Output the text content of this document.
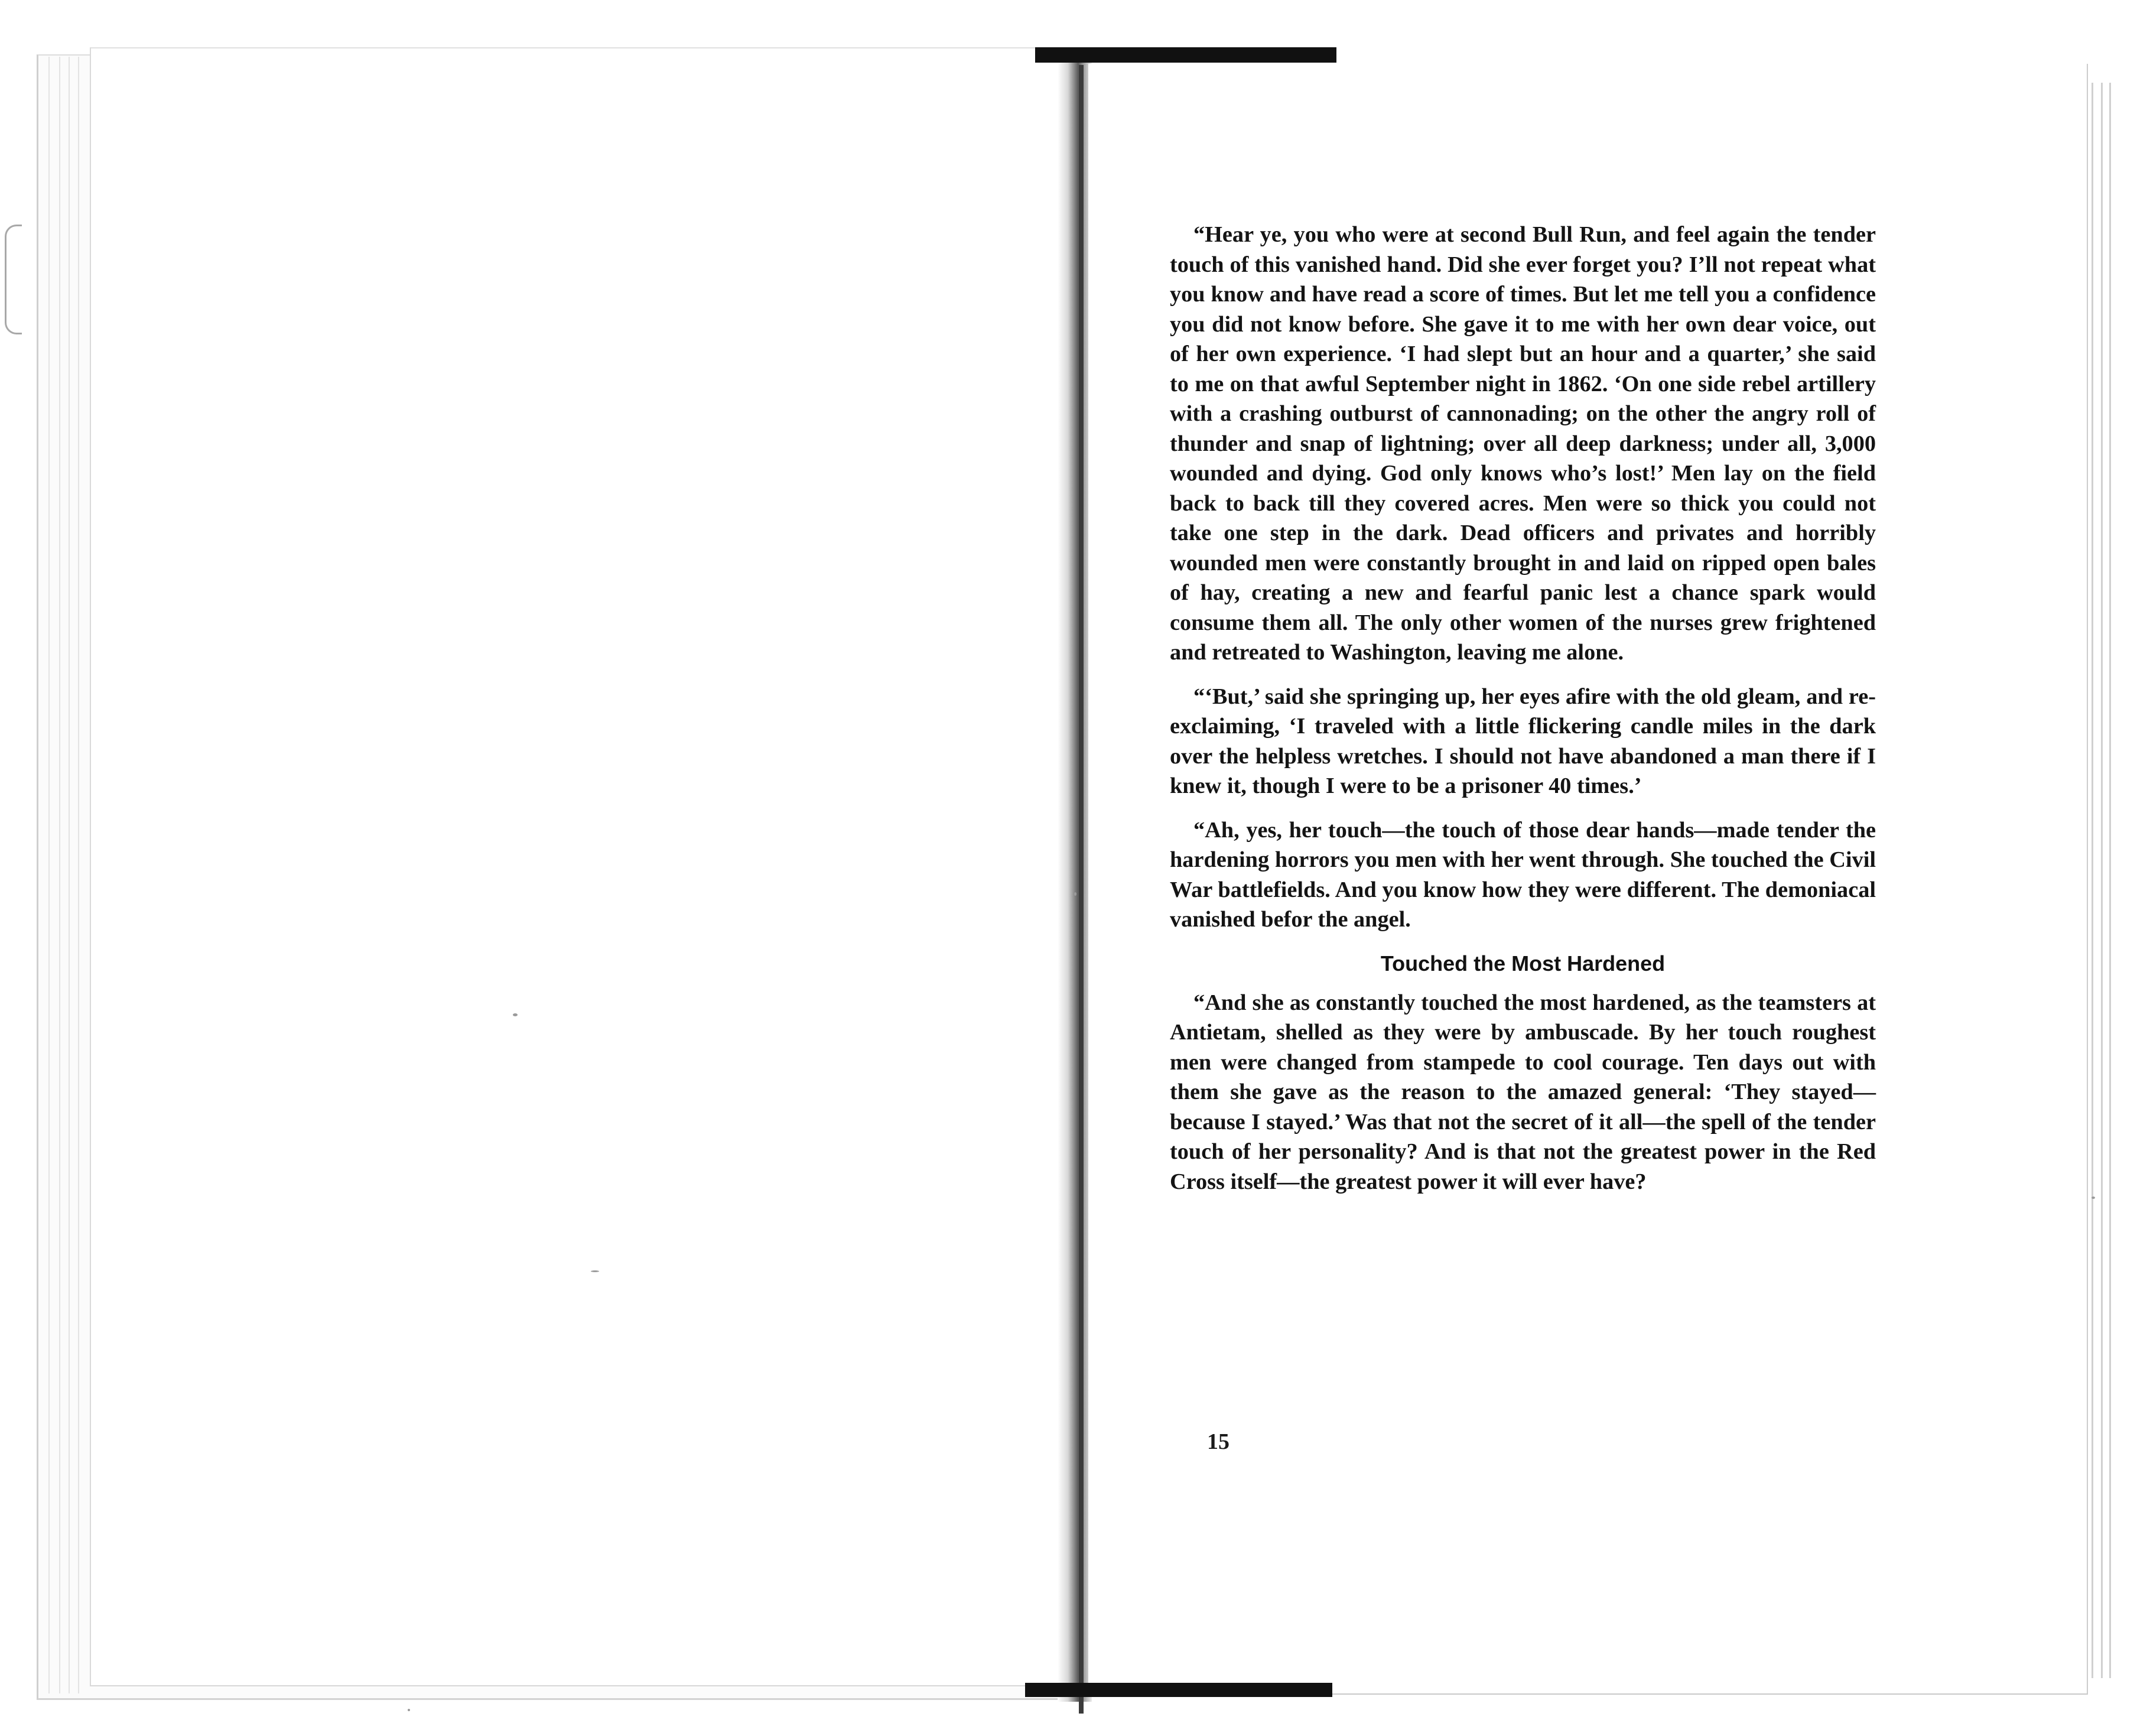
“Hear ye, you who were at second Bull Run, and feel again the tender touch of this vanished hand. Did she ever forget you? I’ll not repeat what you know and have read a score of times. But let me tell you a confidence you did not know before. She gave it to me with her own dear voice, out of her own experience. ‘I had slept but an hour and a quarter,’ she said to me on that awful September night in 1862. ‘On one side rebel artillery with a crashing outburst of cannonading; on the other the angry roll of thunder and snap of lightning; over all deep darkness; under all, 3,000 wounded and dying. God only knows who’s lost!’ Men lay on the field back to back till they covered acres. Men were so thick you could not take one step in the dark. Dead officers and privates and horribly wounded men were constantly brought in and laid on ripped open bales of hay, creating a new and fearful panic lest a chance spark would consume them all. The only other women of the nurses grew frightened and retreated to Washington, leaving me alone.

“‘But,’ said she springing up, her eyes afire with the old gleam, and re-exclaiming, ‘I traveled with a little flickering candle miles in the dark over the helpless wretches. I should not have abandoned a man there if I knew it, though I were to be a prisoner 40 times.’

“Ah, yes, her touch—the touch of those dear hands—made tender the hardening horrors you men with her went through. She touched the Civil War battlefields. And you know how they were different. The demoniacal vanished befor the angel.

Touched the Most Hardened

“And she as constantly touched the most hardened, as the teamsters at Antietam, shelled as they were by ambuscade. By her touch roughest men were changed from stampede to cool courage. Ten days out with them she gave as the reason to the amazed general: ‘They stayed—because I stayed.’ Was that not the secret of it all—the spell of the tender touch of her personality? And is that not the greatest power in the Red Cross itself—the greatest power it will ever have?

15
